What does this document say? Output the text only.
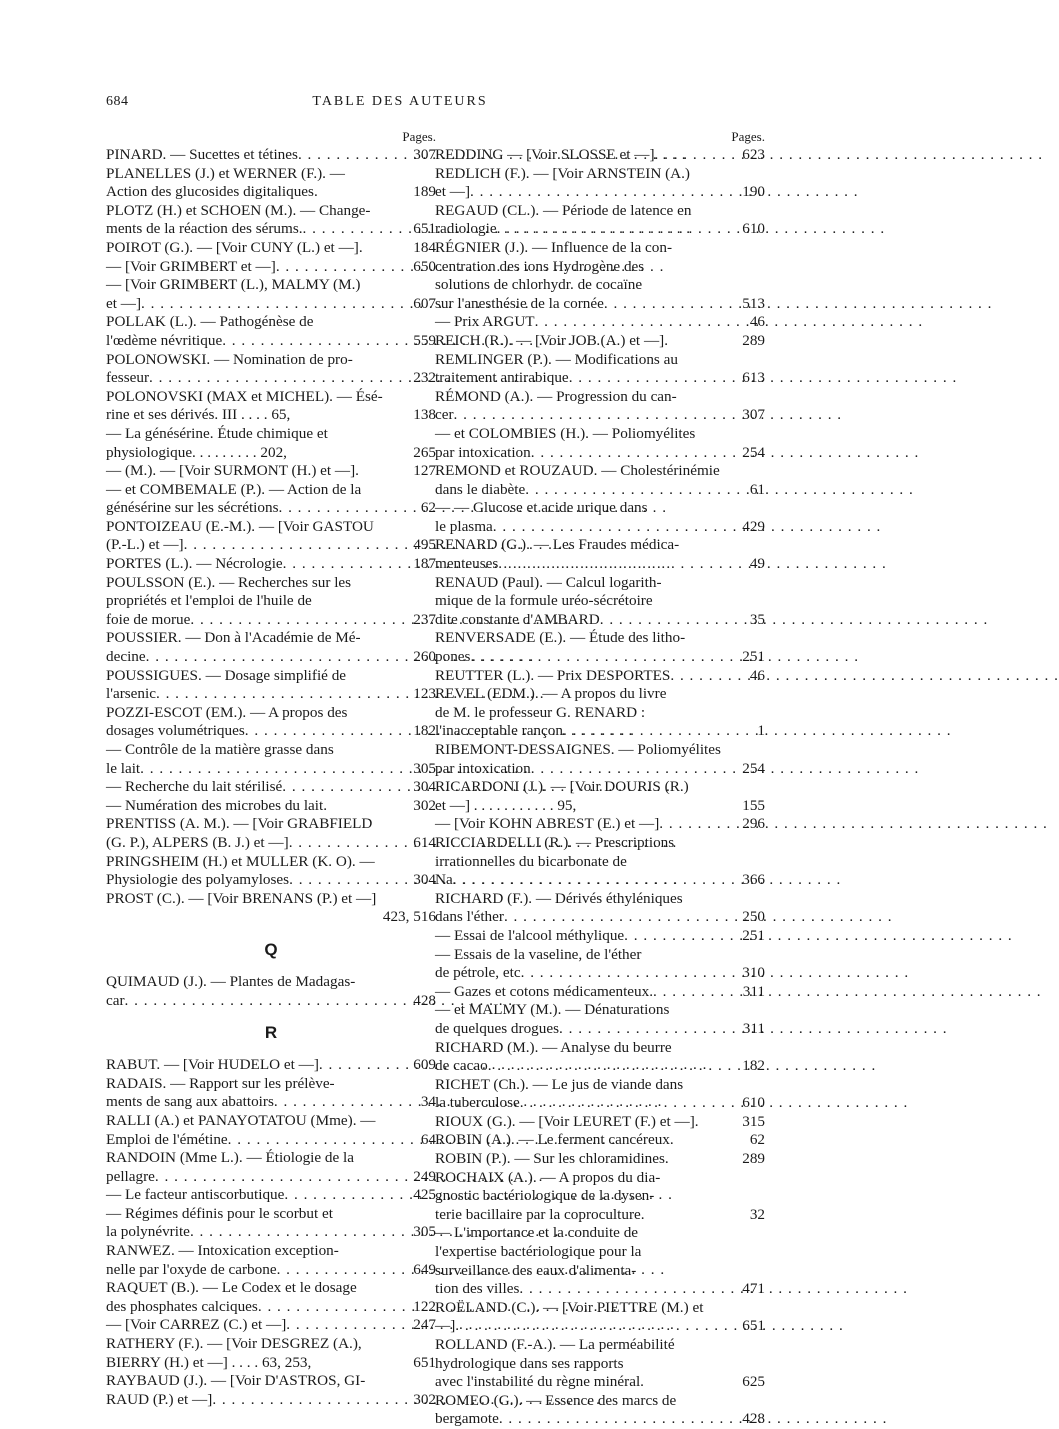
684	TABLE DES AUTEURS
Pages.
PINARD. — Sucettes et tétines . . .	307
PLANELLES (J.) et WERNER (F.). —
Action des glucosides digitaliques.	189
PLOTZ (H.) et SCHOEN (M.). — Change-
ments de la réaction des sérums. . . .	651
POIROT (G.). — [Voir CUNY (L.) et —].	184
— [Voir GRIMBERT et —] . . .	650
— [Voir GRIMBERT (L.), MALMY (M.)
et —] . . .	607
POLLAK (L.). — Pathogénèse de
l'œdème névritique . . .	559
POLONOWSKI. — Nomination de pro-
fesseur . . .	232
POLONOVSKI (MAX et MICHEL). — Ésé-
rine et ses dérivés. III . . . . 65,	138
— La génésérine. Étude chimique et
physiologique. . . . . . . . . 202,	265
— (M.). — [Voir SURMONT (H.) et —].	127
— et COMBEMALE (P.). — Action de la
génésérine sur les sécrétions . . .	62
PONTOIZEAU (E.-M.). — [Voir GASTOU
(P.-L.) et —] . . .	495
PORTES (L.). — Nécrologie . . .	187
POULSSON (E.). — Recherches sur les
propriétés et l'emploi de l'huile de
foie de morue . . .	237
POUSSIER. — Don à l'Académie de Mé-
decine . . .	260
POUSSIGUES. — Dosage simplifié de
l'arsenic . . .	123
POZZI-ESCOT (EM.). — A propos des
dosages volumétriques . . .	182
— Contrôle de la matière grasse dans
le lait . . .	305
— Recherche du lait stérilisé . . .	304
— Numération des microbes du lait.	302
PRENTISS (A. M.). — [Voir GRABFIELD
(G. P.), ALPERS (B. J.) et —] . . .	614
PRINGSHEIM (H.) et MULLER (K. O). —
Physiologie des polyamyloses . . .	304
PROST (C.). — [Voir BRENANS (P.) et —]
423, 516
Q
QUIMAUD (J.). — Plantes de Madagas-
car . . .	428
R
RABUT. — [Voir HUDELO et —] . . .	609
RADAIS. — Rapport sur les prélève-
ments de sang aux abattoirs . . .	34
RALLI (A.) et PANAYOTATOU (Mme). —
Emploi de l'émétine . . .	64
RANDOIN (Mme L.). — Étiologie de la
pellagre . . .	249
— Le facteur antiscorbutique . . .	425
— Régimes définis pour le scorbut et
la polynévrite . . .	305
RANWEZ. — Intoxication exception-
nelle par l'oxyde de carbone . . .	649
RAQUET (B.). — Le Codex et le dosage
des phosphates calciques . . .	122
— [Voir CARREZ (C.) et —] . . .	247
RATHERY (F.). — [Voir DESGREZ (A.),
BIERRY (H.) et —] . . . . 63, 253,	651
RAYBAUD (J.). — [Voir D'ASTROS, GI-
RAUD (P.) et —] . . .	302
Pages.
REDDING — [Voir SLOSSE et —] . . .	623
REDLICH (F.). — [Voir ARNSTEIN (A.)
et —] . . .	190
REGAUD (CL.). — Période de latence en
radiologie . . .	610
RÉGNIER (J.). — Influence de la con-
centration des ions Hydrogène des
solutions de chlorhydr. de cocaïne
sur l'anesthésie de la cornée . . .	513
— Prix ARGUT . . .	46
REICH (R.). — [Voir JOB (A.) et —].	289
REMLINGER (P.). — Modifications au
traitement antirabique . . .	613
RÉMOND (A.). — Progression du can-
cer . . .	307
— et COLOMBIES (H.). — Poliomyélites
par intoxication . . .	254
REMOND et ROUZAUD. — Cholestérinémie
dans le diabète . . .	61
— — Glucose et acide urique dans
le plasma . . .	429
RENARD (G.). — Les Fraudes médica-
menteuses . . .	49
RENAUD (Paul). — Calcul logarith-
mique de la formule uréo-sécrétoire
dite constante d'AMBARD . . .	35
RENVERSADE (E.). — Étude des litho-
pones . . .	251
REUTTER (L.). — Prix DESPORTES . . .	46
REVEL (EDM.). — A propos du livre
de M. le professeur G. RENARD :
l'inacceptable rançon . . .	1
RIBEMONT-DESSAIGNES. — Poliomyélites
par intoxication . . .	254
RICARDONI (J.). — [Voir DOURIS (R.)
et —] . . . . . . . . . . . 95,	155
— [Voir KOHN ABREST (E.) et —] . . .	296
RICCIARDELLI (R.). — Prescriptions
irrationnelles du bicarbonate de
Na . . .	366
RICHARD (F.). — Dérivés éthyléniques
dans l'éther . . .	250
— Essai de l'alcool méthylique . . .	251
— Essais de la vaseline, de l'éther
de pétrole, etc . . .	310
— Gazes et cotons médicamenteux. . . .	311
— et MALMY (M.). — Dénaturations
de quelques drogues . . .	311
RICHARD (M.). — Analyse du beurre
de cacao . . .	182
RICHET (Ch.). — Le jus de viande dans
la tuberculose . . .	610
RIOUX (G.). — [Voir LEURET (F.) et —].	315
ROBIN (A.). — Le ferment cancéreux.	62
ROBIN (P.). — Sur les chloramidines.	289
ROCHAIX (A.). — A propos du dia-
gnostic bactériologique de la dysen-
terie bacillaire par la coproculture.	32
— L'importance et la conduite de
l'expertise bactériologique pour la
surveillance des eaux d'alimenta-
tion des villes . . .	471
ROËLAND (C.). — [Voir PIETTRE (M.) et
—] . . .	651
ROLLAND (F.-A.). — La perméabilité
hydrologique dans ses rapports
avec l'instabilité du règne minéral.	625
ROMEO (G.). — Essence des marcs de
bergamote . . .	428
